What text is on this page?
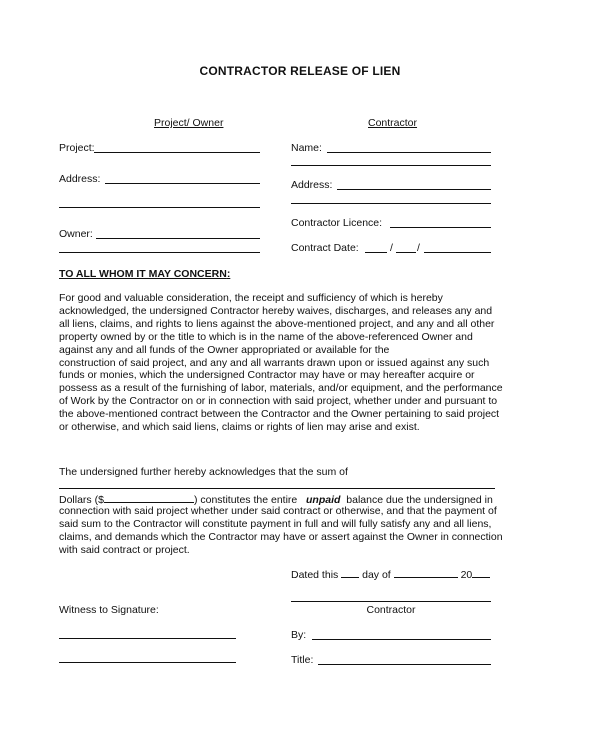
CONTRACTOR RELEASE OF LIEN
Project/ Owner	Contractor
Project:
Address:
Owner:
Name:
Address:
Contractor Licence:
Contract Date:	/ /
TO ALL WHOM IT MAY CONCERN:
For good and valuable consideration, the receipt and sufficiency of which is hereby
acknowledged, the undersigned Contractor hereby waives, discharges, and releases any and
all liens, claims, and rights to liens against the above-mentioned project, and any and all other
property owned by or the title to which is in the name of the above-referenced Owner and
against any and all funds of the Owner appropriated or available for the
construction of said project, and any and all warrants drawn upon or issued against any such
funds or monies, which the undersigned Contractor may have or may hereafter acquire or
possess as a result of the furnishing of labor, materials, and/or equipment, and the performance
of Work by the Contractor on or in connection with said project, whether under and pursuant to
the above-mentioned contract between the Contractor and the Owner pertaining to said project
or otherwise, and which said liens, claims or rights of lien may arise and exist.
The undersigned further hereby acknowledges that the sum of
Dollars ($	) constitutes the entire unpaid balance due the undersigned in
connection with said project whether under said contract or otherwise, and that the payment of
said sum to the Contractor will constitute payment in full and will fully satisfy any and all liens,
claims, and demands which the Contractor may have or assert against the Owner in connection
with said contract or project.
Dated this day of	20
Contractor
Witness to Signature:
By:
Title:
